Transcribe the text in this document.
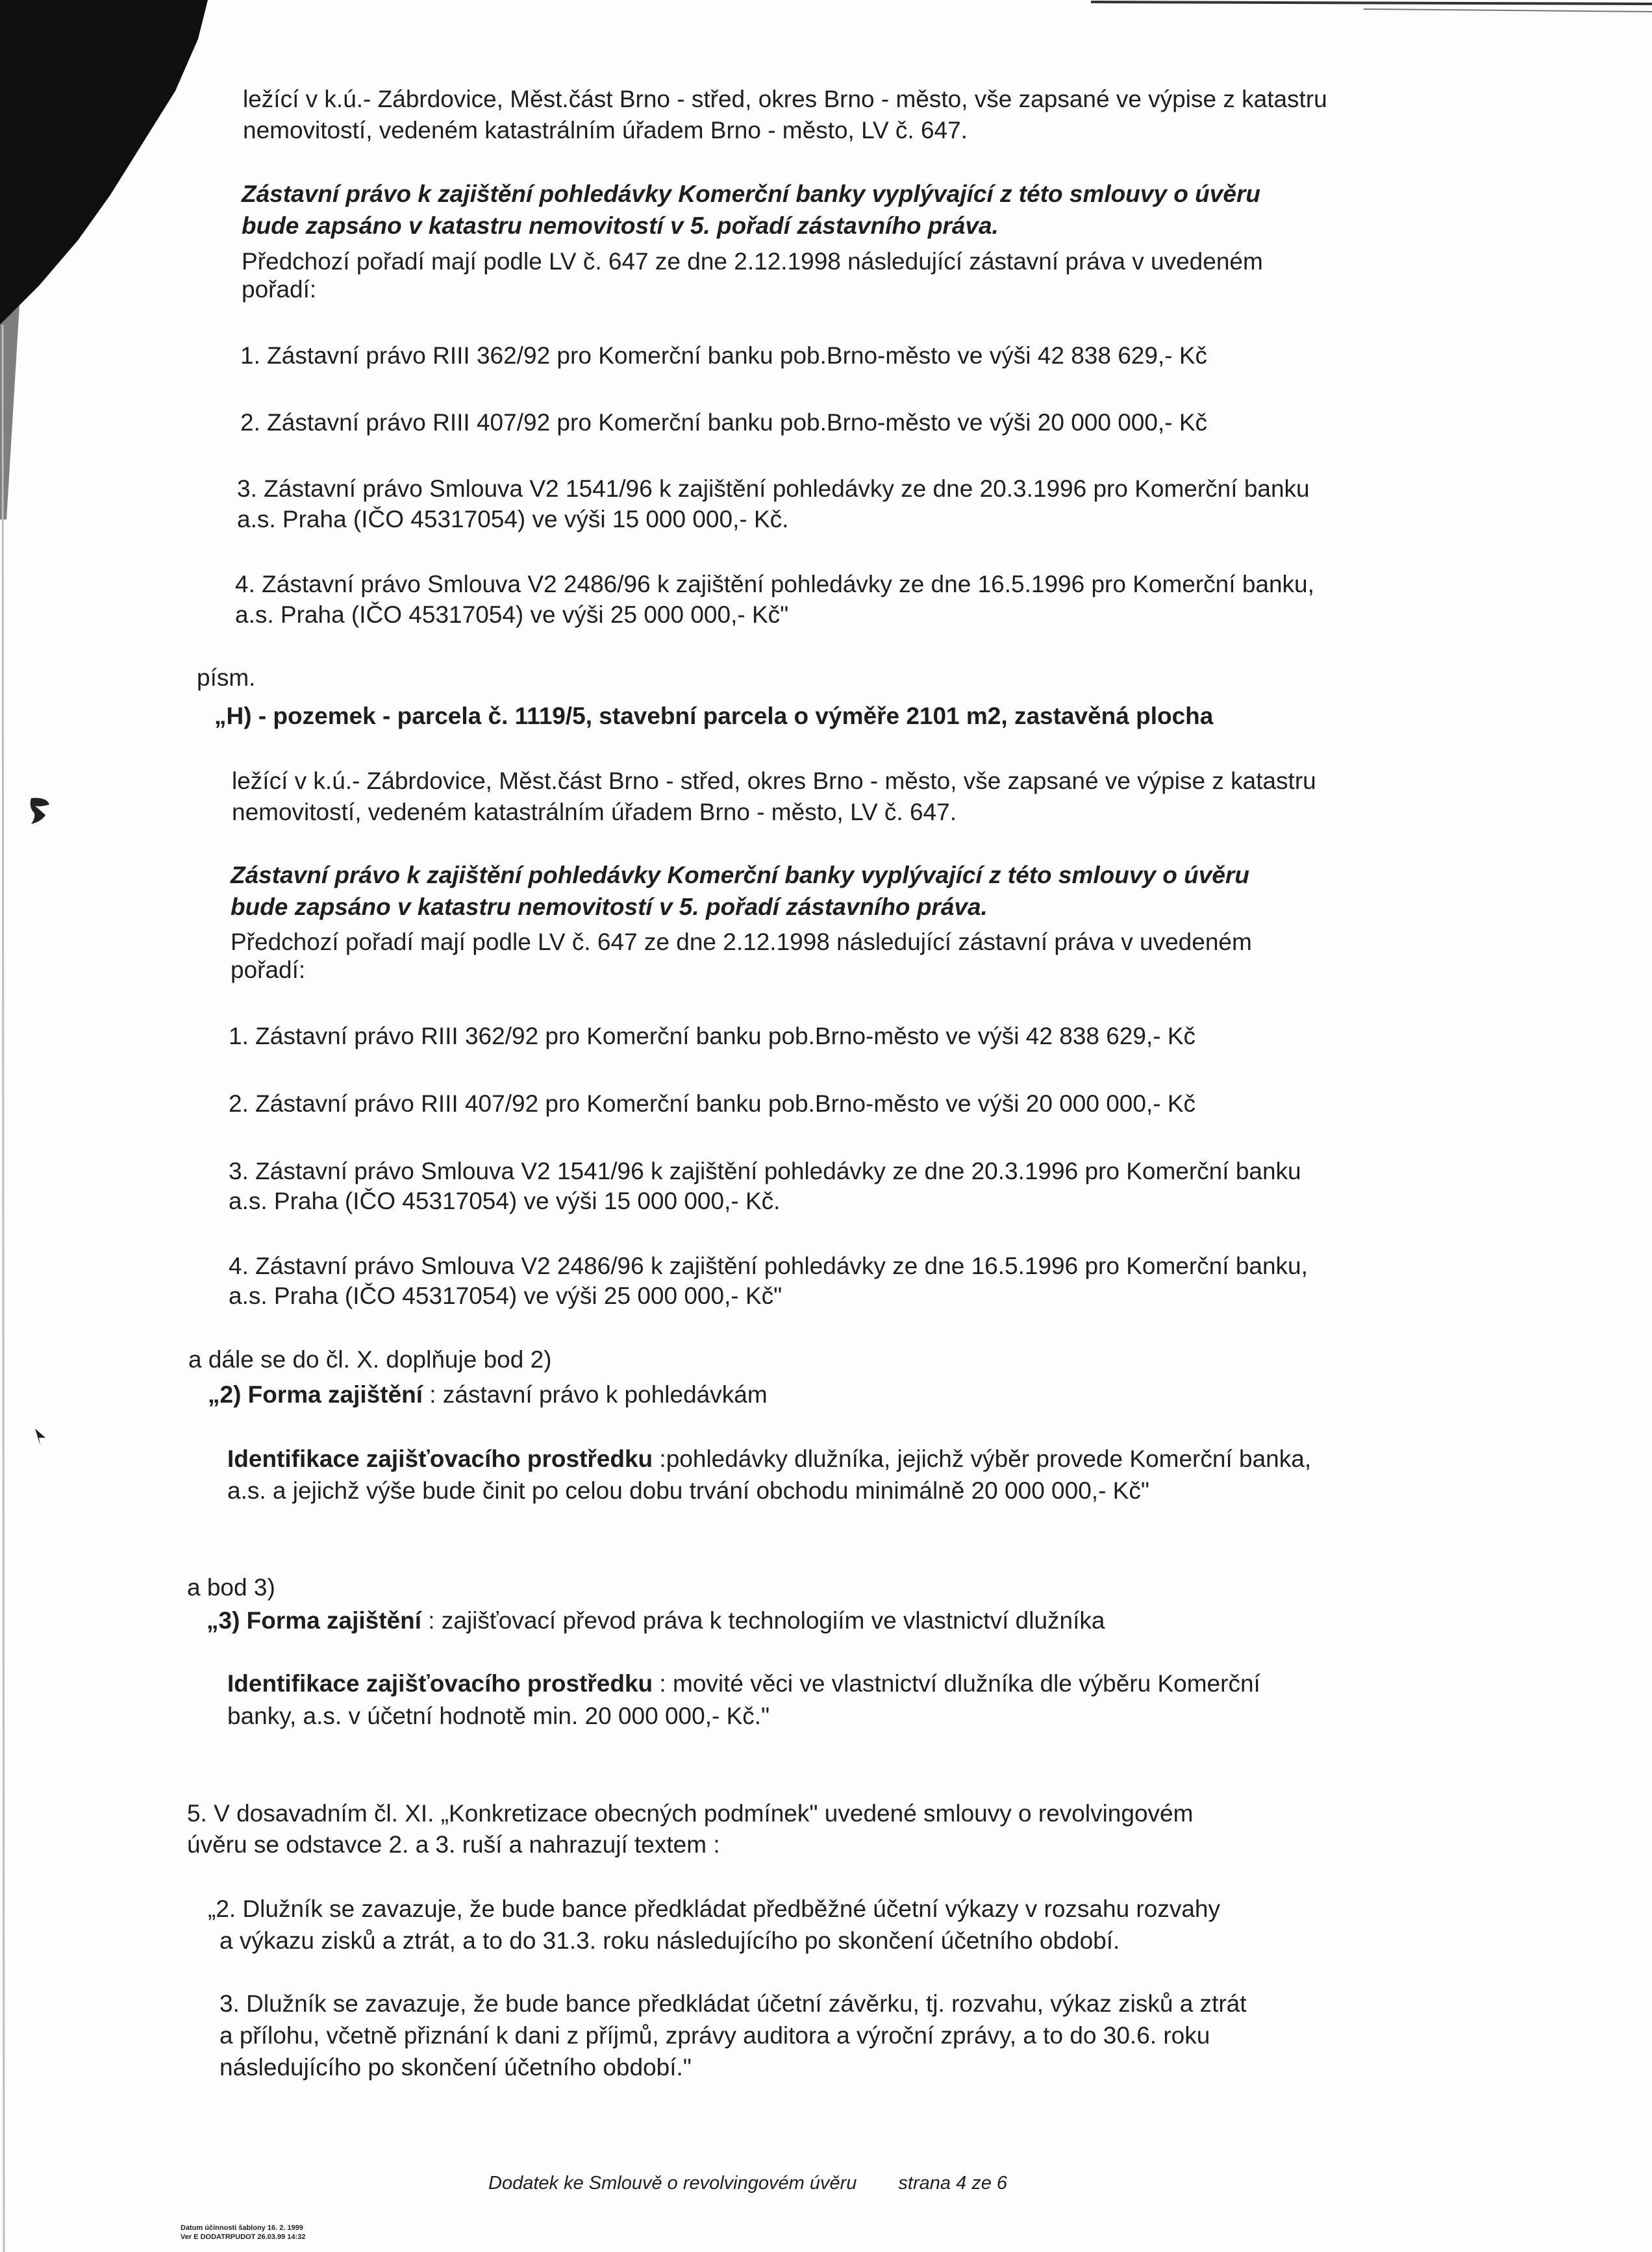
ležící v k.ú.- Zábrdovice, Měst.část Brno - střed, okres Brno - město, vše zapsané ve výpise z katastru
nemovitostí, vedeném katastrálním úřadem Brno - město, LV č. 647.
Zástavní právo k zajištění pohledávky Komerční banky vyplývající z této smlouvy o úvěru
bude zapsáno v katastru nemovitostí v 5. pořadí zástavního práva.
Předchozí pořadí mají podle LV č. 647 ze dne 2.12.1998 následující zástavní práva v uvedeném
pořadí:
1. Zástavní právo RIII 362/92 pro Komerční banku pob.Brno-město ve výši 42 838 629,- Kč
2. Zástavní právo RIII 407/92 pro Komerční banku pob.Brno-město ve výši 20 000 000,- Kč
3. Zástavní právo Smlouva V2 1541/96 k zajištění pohledávky ze dne 20.3.1996 pro Komerční banku
a.s. Praha (IČO 45317054) ve výši 15 000 000,- Kč.
4. Zástavní právo Smlouva V2 2486/96 k zajištění pohledávky ze dne 16.5.1996 pro Komerční banku,
a.s. Praha (IČO 45317054) ve výši 25 000 000,- Kč"
písm.
„H) - pozemek - parcela č. 1119/5, stavební parcela o výměře 2101 m2, zastavěná plocha
ležící v k.ú.- Zábrdovice, Měst.část Brno - střed, okres Brno - město, vše zapsané ve výpise z katastru
nemovitostí, vedeném katastrálním úřadem Brno - město, LV č. 647.
Zástavní právo k zajištění pohledávky Komerční banky vyplývající z této smlouvy o úvěru
bude zapsáno v katastru nemovitostí v 5. pořadí zástavního práva.
Předchozí pořadí mají podle LV č. 647 ze dne 2.12.1998 následující zástavní práva v uvedeném
pořadí:
1. Zástavní právo RIII 362/92 pro Komerční banku pob.Brno-město ve výši 42 838 629,- Kč
2. Zástavní právo RIII 407/92 pro Komerční banku pob.Brno-město ve výši 20 000 000,- Kč
3. Zástavní právo Smlouva V2 1541/96 k zajištění pohledávky ze dne 20.3.1996 pro Komerční banku
a.s. Praha (IČO 45317054) ve výši 15 000 000,- Kč.
4. Zástavní právo Smlouva V2 2486/96 k zajištění pohledávky ze dne 16.5.1996 pro Komerční banku,
a.s. Praha (IČO 45317054) ve výši 25 000 000,- Kč"
a dále se do čl. X. doplňuje bod 2)
„2) Forma zajištění : zástavní právo k pohledávkám
Identifikace zajišťovacího prostředku :pohledávky dlužníka, jejichž výběr provede Komerční banka,
a.s. a jejichž výše bude činit po celou dobu trvání obchodu minimálně 20 000 000,- Kč"
a bod 3)
„3) Forma zajištění : zajišťovací převod práva k technologiím ve vlastnictví dlužníka
Identifikace zajišťovacího prostředku : movité věci ve vlastnictví dlužníka dle výběru Komerční
banky, a.s. v účetní hodnotě min. 20 000 000,- Kč."
5. V dosavadním čl. XI. „Konkretizace obecných podmínek" uvedené smlouvy o revolvingovém
úvěru se odstavce 2. a 3. ruší a nahrazují textem :
„2. Dlužník se zavazuje, že bude bance předkládat předběžné účetní výkazy v rozsahu rozvahy
a výkazu zisků a ztrát, a to do 31.3. roku následujícího po skončení účetního období.
3. Dlužník se zavazuje, že bude bance předkládat účetní závěrku, tj. rozvahu, výkaz zisků a ztrát
a přílohu, včetně přiznání k dani z příjmů, zprávy auditora a výroční zprávy, a to do 30.6. roku
následujícího po skončení účetního období."
Dodatek ke Smlouvě o revolvingovém úvěru strana 4 ze 6
Datum účinnosti šablony 16. 2. 1999
Ver E DODATRPUDOT 26.03.99 14:32
